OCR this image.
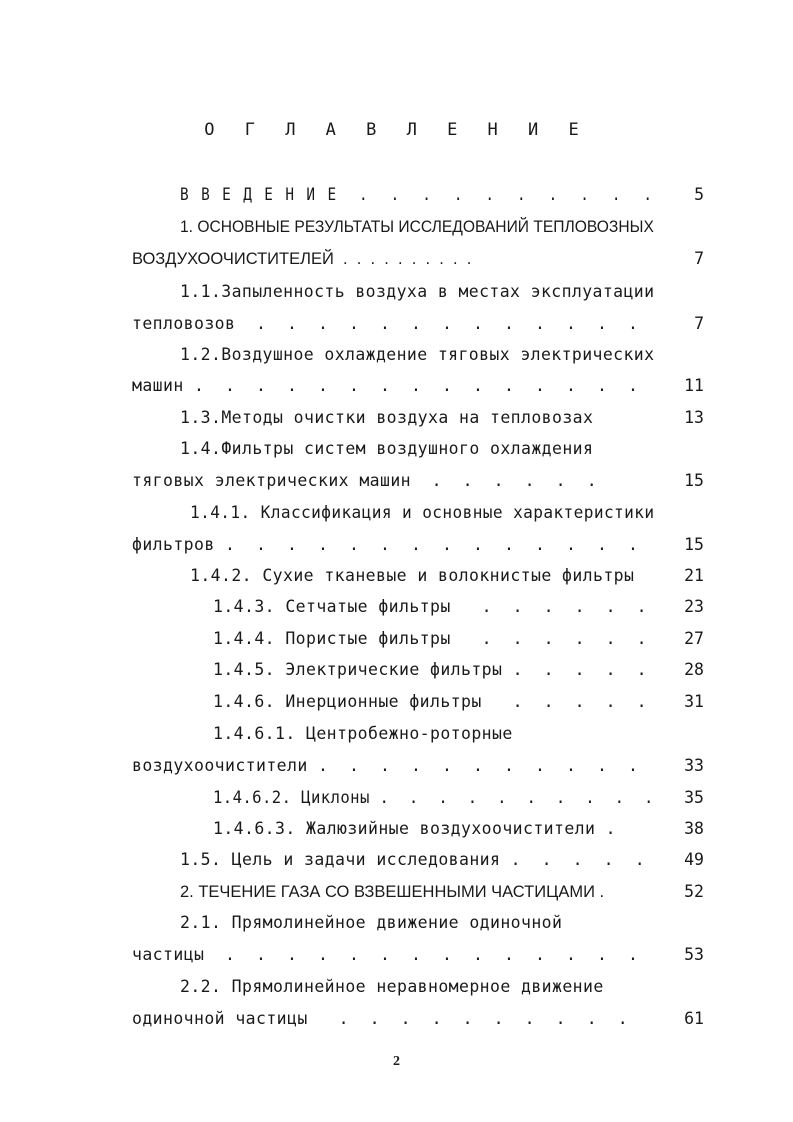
О Г Л А В Л Е Н И Е
В В Е Д Е Н И Е  .  .  .  .  .  .  .  .  .  .	5
1. ОСНОВНЫЕ РЕЗУЛЬТАТЫ ИССЛЕДОВАНИЙ ТЕПЛОВОЗНЫХ
ВОЗДУХООЧИСТИТЕЛЕЙ  .  .  .  .  .  .  .  .  .  .	7
1.1.Запыленность воздуха в местах эксплуатации
тепловозов  .  .  .  .  .  .  .  .  .  .  .  .  .	7
1.2.Воздушное охлаждение тяговых электрических
машин .  .  .  .  .  .  .  .  .  .  .  .  .  .  .	11
1.3.Методы очистки воздуха на тепловозах	13
1.4.Фильтры систем воздушного охлаждения
тяговых электрических машин  .  .  .  .  .  .	15
1.4.1. Классификация и основные характеристики
фильтров .  .  .  .  .  .  .  .  .  .  .  .  .  .	15
1.4.2. Сухие тканевые и волокнистые фильтры	21
1.4.3. Сетчатые фильтры   .  .  .  .  .  .	23
1.4.4. Пористые фильтры   .  .  .  .  .  .	27
1.4.5. Электрические фильтры .  .  .  .  .	28
1.4.6. Инерционные фильтры   .  .  .  .  .	31
1.4.6.1. Центробежно-роторные
воздухоочистители .  .  .  .  .  .  .  .  .  .  .	33
1.4.6.2. Циклоны .  .  .  .  .  .  .  .  .  .	35
1.4.6.3. Жалюзийные воздухоочистители .	38
1.5. Цель и задачи исследования .  .  .  .  .	49
2. ТЕЧЕНИЕ ГАЗА СО ВЗВЕШЕННЫМИ ЧАСТИЦАМИ .	52
2.1. Прямолинейное движение одиночной
частицы  .  .  .  .  .  .  .  .  .  .  .  .  .  .	53
2.2. Прямолинейное неравномерное движение
одиночной частицы   .  .  .  .  .  .  .  .  .  .	61
2
